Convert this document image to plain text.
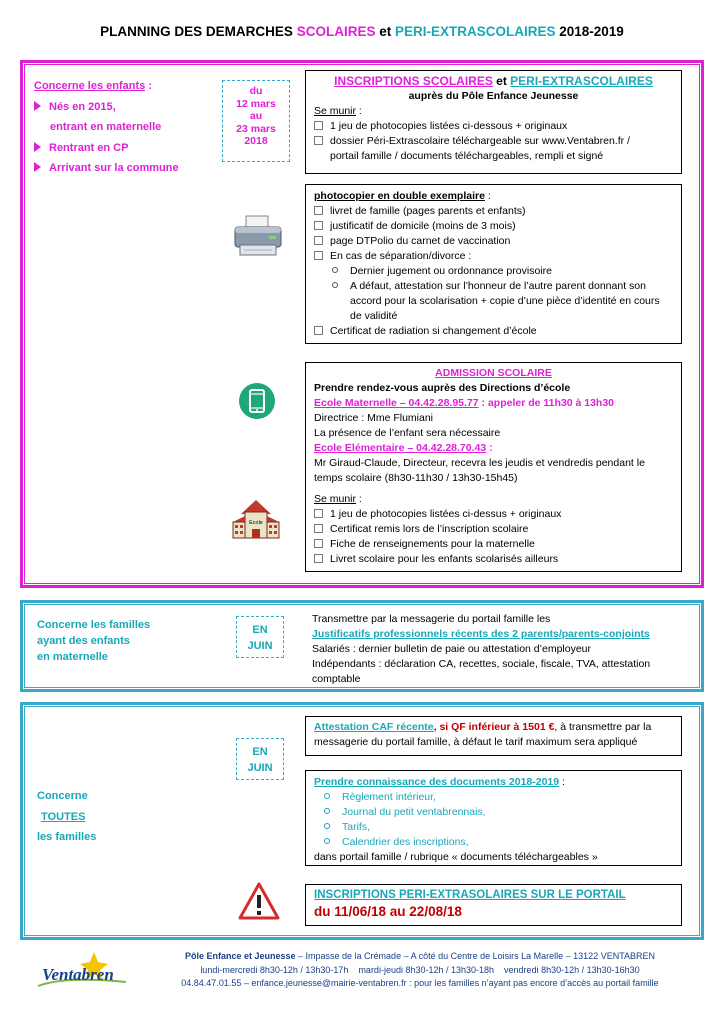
PLANNING DES DEMARCHES SCOLAIRES et PERI-EXTRASCOLAIRES 2018-2019
Concerne les enfants :
Nés en 2015,
entrant en maternelle
Rentrant en CP
Arrivant sur la commune
du
12 mars
au
23 mars
2018
INSCRIPTIONS SCOLAIRES et PERI-EXTRASCOLAIRES
auprès du Pôle Enfance Jeunesse
Se munir :
1 jeu de photocopies listées ci-dessous + originaux
dossier Péri-Extrascolaire téléchargeable sur www.Ventabren.fr /
portail famille / documents téléchargeables, rempli et signé
photocopier en double exemplaire :
livret de famille (pages parents et enfants)
justificatif de domicile (moins de 3 mois)
page DTPolio du carnet de vaccination
En cas de séparation/divorce :
Dernier jugement ou ordonnance provisoire
A défaut, attestation sur l’honneur de l’autre parent donnant son
accord pour la scolarisation + copie d’une pièce d’identité en cours
de validité
Certificat de radiation si changement d’école
ADMISSION SCOLAIRE
Prendre rendez-vous auprès des Directions d’école
Ecole Maternelle – 04.42.28.95.77 : appeler de 11h30 à 13h30
Directrice : Mme Flumiani
La présence de l’enfant sera nécessaire
Ecole Elémentaire – 04.42.28.70.43 :
Mr Giraud-Claude, Directeur, recevra les jeudis et vendredis pendant le
temps scolaire (8h30-11h30 / 13h30-15h45)
Se munir :
1 jeu de photocopies listées ci-dessus + originaux
Certificat remis lors de l’inscription scolaire
Fiche de renseignements pour la maternelle
Livret scolaire pour les enfants scolarisés ailleurs
Ecole
Concerne les familles
ayant des enfants
en maternelle
EN
JUIN
Transmettre par la messagerie du portail famille les
Justificatifs professionnels récents des 2 parents/parents-conjoints
Salariés : dernier bulletin de paie ou attestation d’employeur
Indépendants : déclaration CA, recettes, sociale, fiscale, TVA, attestation
comptable
Concerne
TOUTES
les familles
EN
JUIN
Attestation CAF récente, si QF inférieur à 1501 €, à transmettre par la
messagerie du portail famille, à défaut le tarif maximum sera appliqué
Prendre connaissance des documents 2018-2019 :
Règlement intérieur,
Journal du petit ventabrennais,
Tarifs,
Calendrier des inscriptions,
dans portail famille / rubrique « documents téléchargeables »
INSCRIPTIONS PERI-EXTRASOLAIRES SUR LE PORTAIL
du 11/06/18 au 22/08/18
Ventabren
Pôle Enfance et Jeunesse – Impasse de la Crémade – A côté du Centre de Loisirs La Marelle – 13122 VENTABREN
lundi-mercredi 8h30-12h / 13h30-17h mardi-jeudi 8h30-12h / 13h30-18h vendredi 8h30-12h / 13h30-16h30
04.84.47.01.55 – enfance.jeunesse@mairie-ventabren.fr : pour les familles n’ayant pas encore d’accès au portail famille
